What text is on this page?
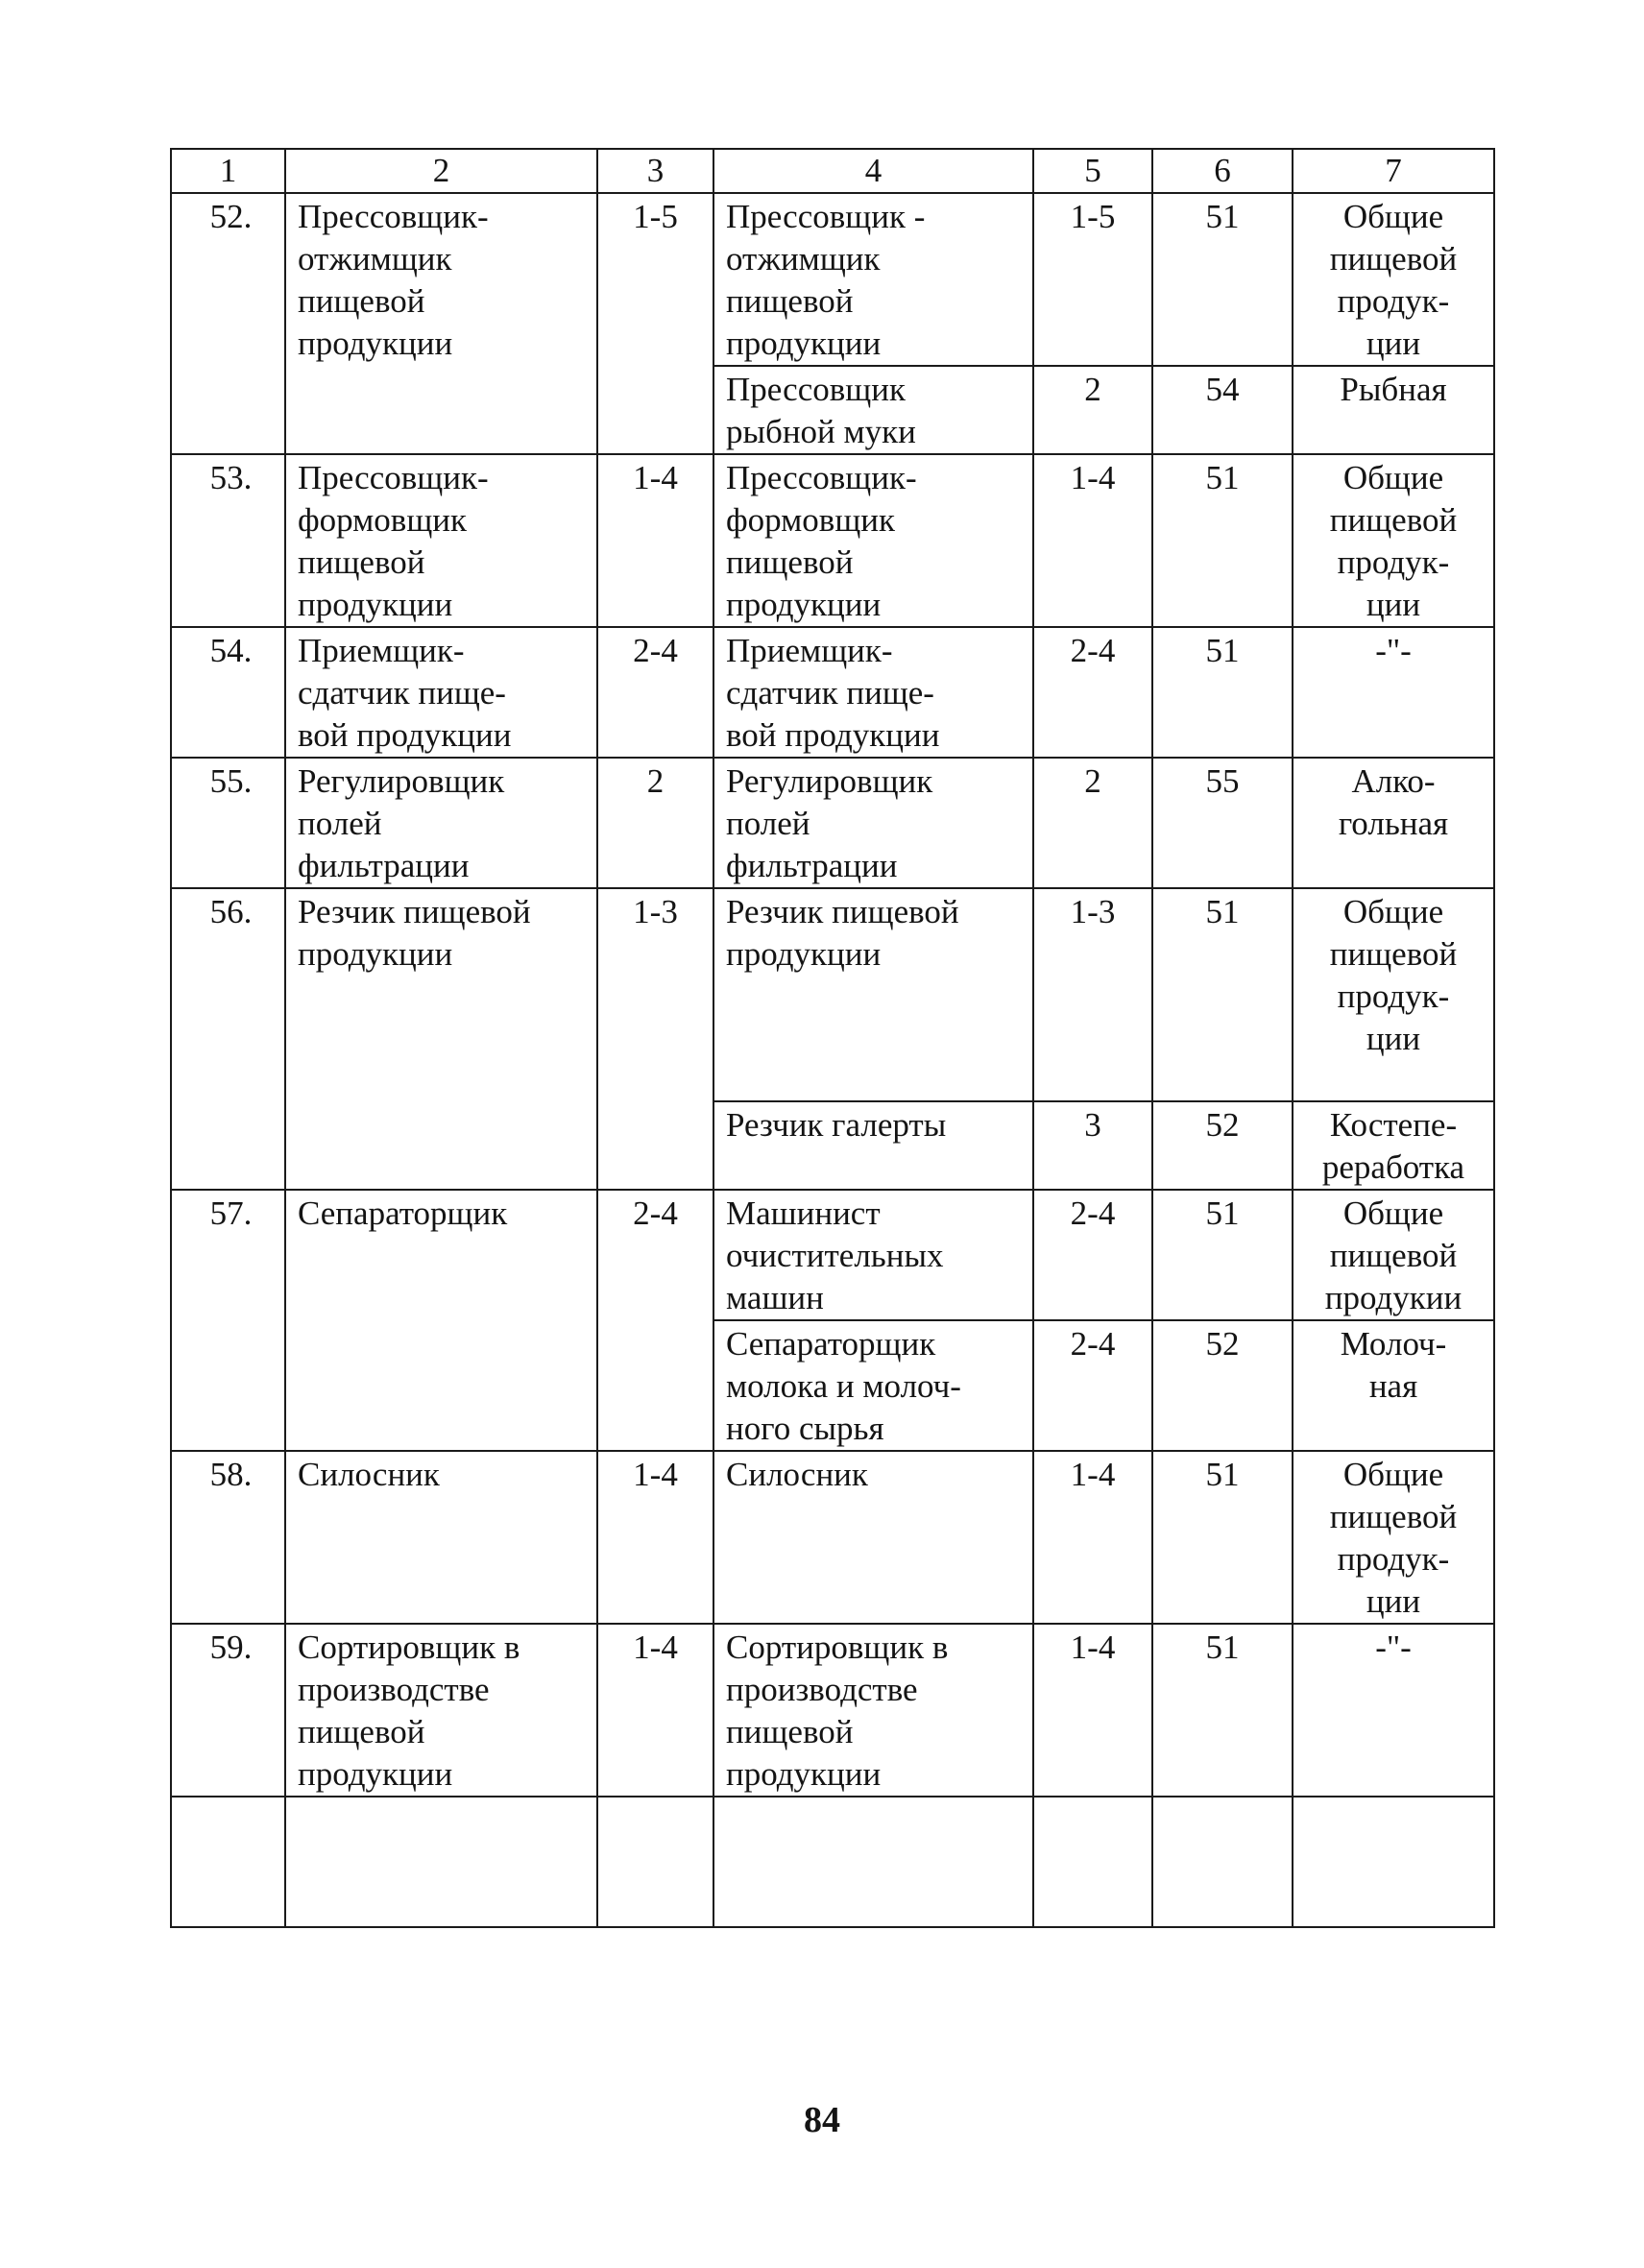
1	2	3	4	5	6	7

52.	Прессовщик-
отжимщик
пищевой
продукции	1-5	Прессовщик -
отжимщик
пищевой
продукции	1-5	51	Общие
пищевой
продук-
ции

			Прессовщик
рыбной муки	2	54	Рыбная

53.	Прессовщик-
формовщик
пищевой
продукции	1-4	Прессовщик-
формовщик
пищевой
продукции	1-4	51	Общие
пищевой
продук-
ции

54.	Приемщик-
сдатчик пище-
вой продукции	2-4	Приемщик-
сдатчик пище-
вой продукции	2-4	51	-"-

55.	Регулировщик
полей
фильтрации	2	Регулировщик
полей
фильтрации	2	55	Алко-
гольная

56.	Резчик пищевой
продукции	1-3	Резчик пищевой
продукции	1-3	51	Общие
пищевой
продук-
ции

			Резчик галерты	3	52	Костепе-
реработка

57.	Сепараторщик	2-4	Машинист
очистительных
машин	2-4	51	Общие
пищевой
продукии

			Сепараторщик
молока и молоч-
ного сырья	2-4	52	Молоч-
ная

58.	Силосник	1-4	Силосник	1-4	51	Общие
пищевой
продук-
ции

59.	Сортировщик в
производстве
пищевой
продукции	1-4	Сортировщик в
производстве
пищевой
продукции	1-4	51	-"-

84
